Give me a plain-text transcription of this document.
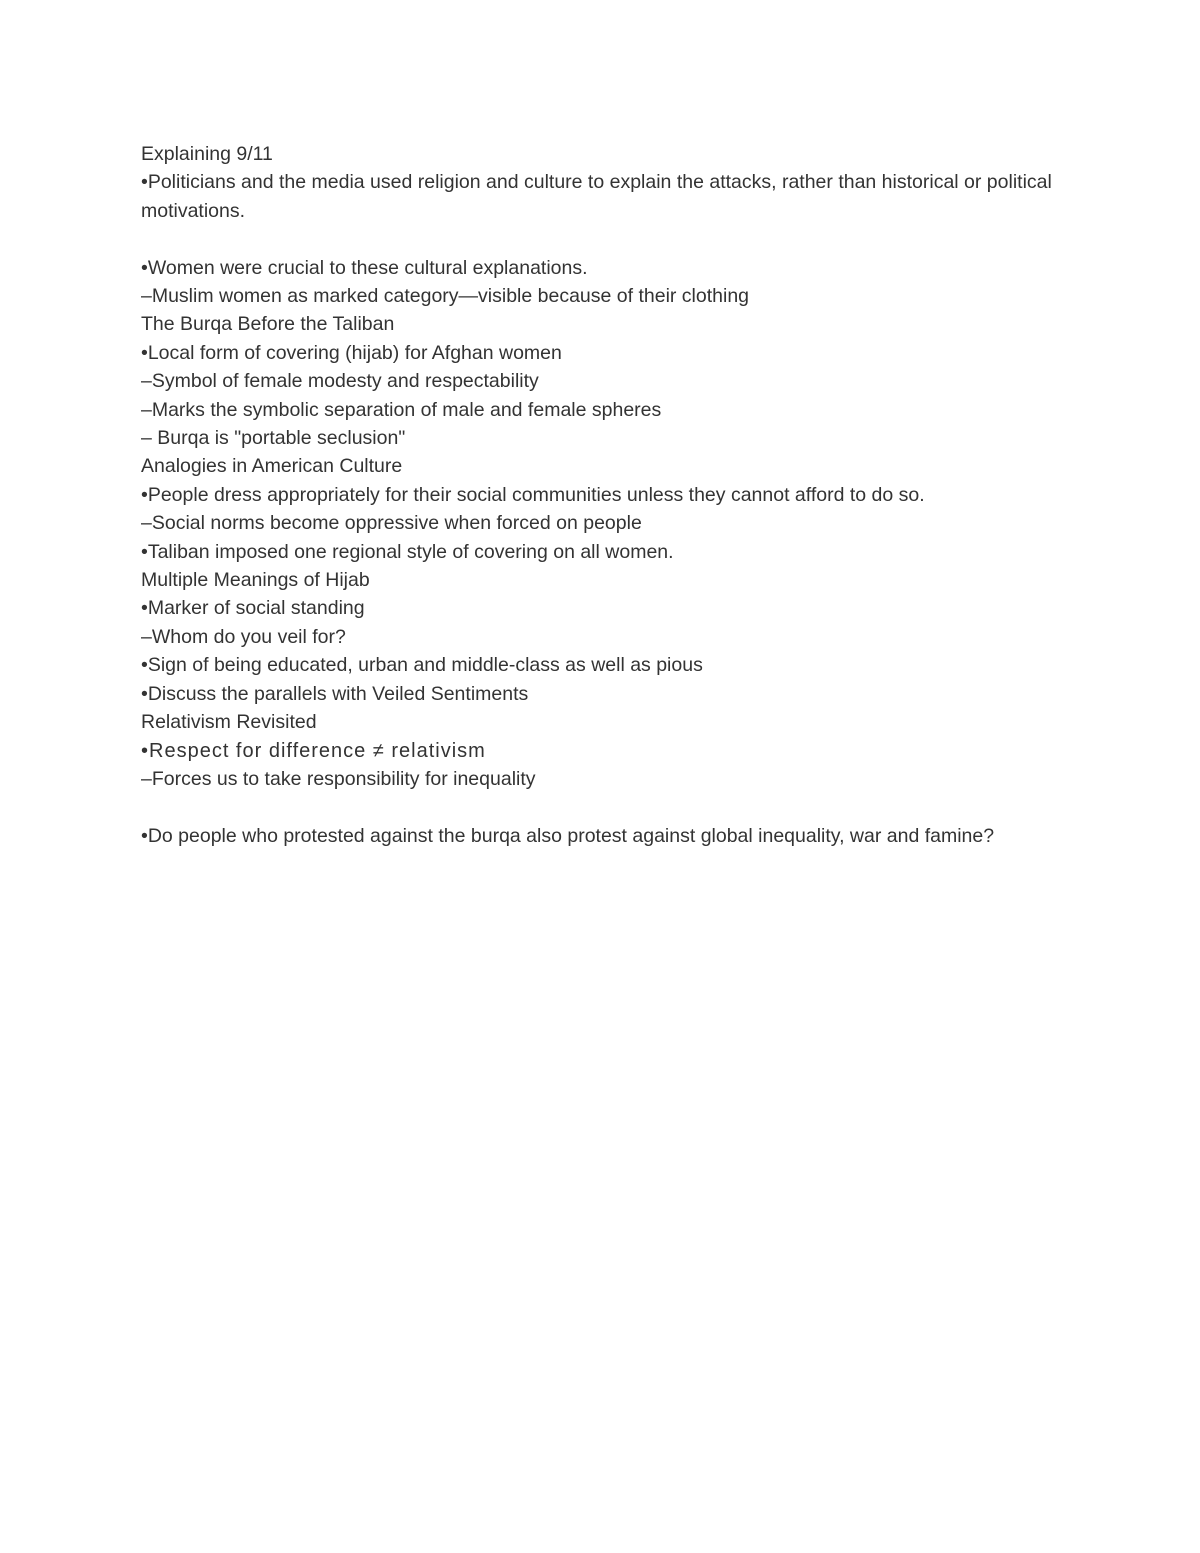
Explaining 9/11

•Politicians and the media used religion and culture to explain the attacks, rather than historical or political motivations.

•Women were crucial to these cultural explanations.

–Muslim women as marked category—visible because of their clothing

The Burqa Before the Taliban

•Local form of covering (hijab) for Afghan women

–Symbol of female modesty and respectability

–Marks the symbolic separation of male and female spheres

– Burqa is "portable seclusion"

Analogies in American Culture

•People dress appropriately for their social communities unless they cannot afford to do so.

–Social norms become oppressive when forced on people

•Taliban imposed one regional style of covering on all women.

Multiple Meanings of Hijab

•Marker of social standing

–Whom do you veil for?

•Sign of being educated, urban and middle-class as well as pious

•Discuss the parallels with Veiled Sentiments

Relativism Revisited

•Respect for difference ≠ relativism

–Forces us to take responsibility for inequality

•Do people who protested against the burqa also protest against global inequality, war and famine?
